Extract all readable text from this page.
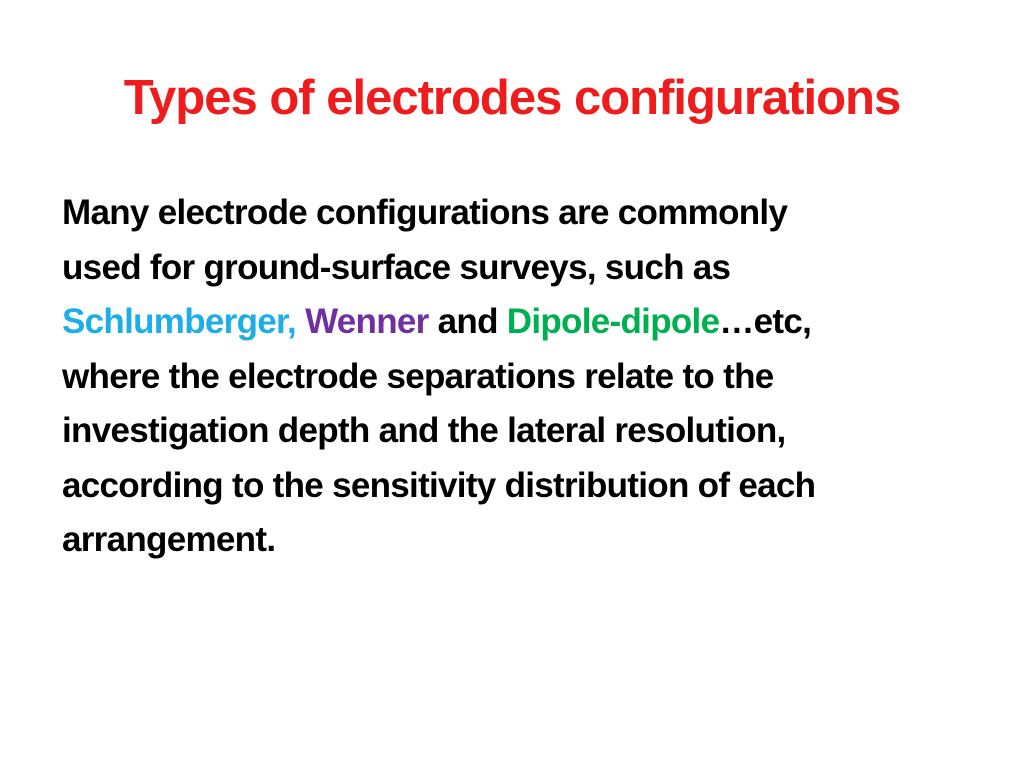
Types of electrodes configurations
Many electrode configurations are commonly
used for ground-surface surveys, such as
Schlumberger, Wenner and Dipole-dipole…etc,
where the electrode separations relate to the
investigation depth and the lateral resolution,
according to the sensitivity distribution of each
arrangement.
